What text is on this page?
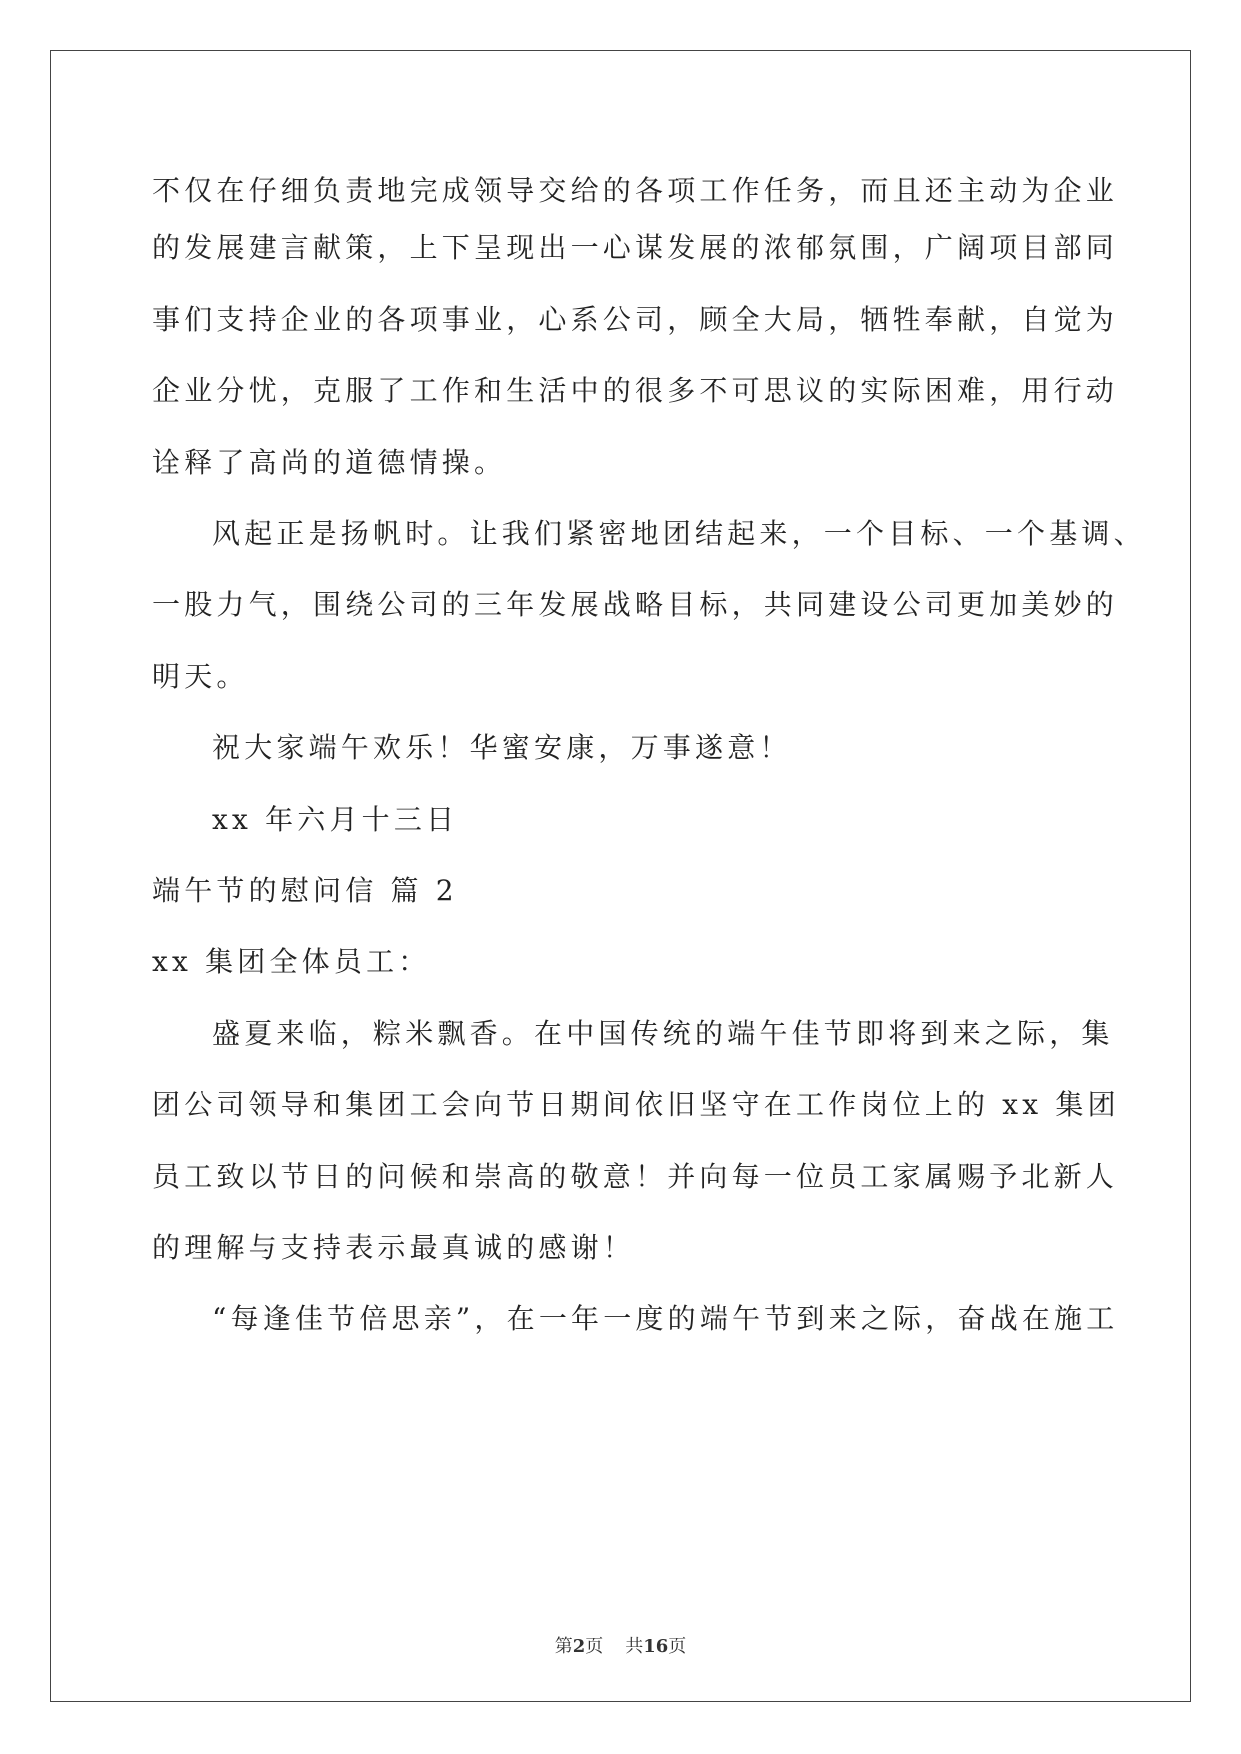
不仅在仔细负责地完成领导交给的各项工作任务，而且还主动为企业
的发展建言献策，上下呈现出一心谋发展的浓郁氛围，广阔项目部同
事们支持企业的各项事业，心系公司，顾全大局，牺牲奉献，自觉为
企业分忧，克服了工作和生活中的很多不可思议的实际困难，用行动
诠释了高尚的道德情操。
风起正是扬帆时。让我们紧密地团结起来，一个目标、一个基调、
一股力气，围绕公司的三年发展战略目标，共同建设公司更加美妙的
明天。
祝大家端午欢乐！华蜜安康，万事遂意！
xx 年六月十三日
端午节的慰问信 篇 2
xx 集团全体员工：
盛夏来临，粽米飘香。在中国传统的端午佳节即将到来之际，集
团公司领导和集团工会向节日期间依旧坚守在工作岗位上的 xx 集团
员工致以节日的问候和崇高的敬意！并向每一位员工家属赐予北新人
的理解与支持表示最真诚的感谢！
“每逢佳节倍思亲”，在一年一度的端午节到来之际，奋战在施工
第2页 共16页
